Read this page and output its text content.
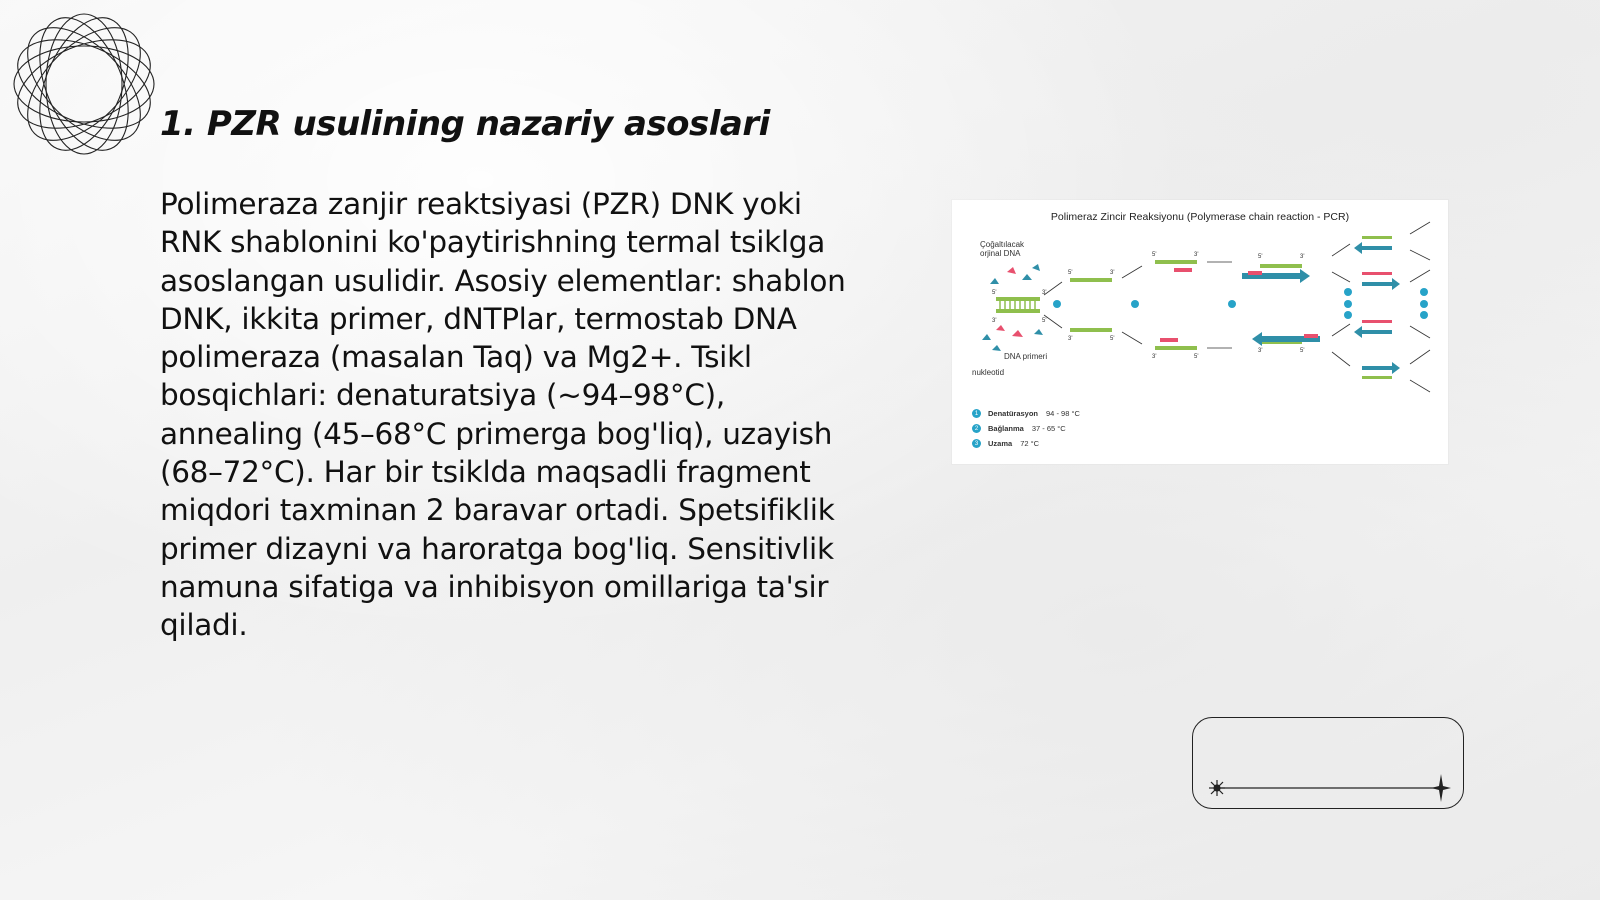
1. PZR usulining nazariy asoslari

Polimeraza zanjir reaktsiyasi (PZR) DNK yoki RNK shablonini ko'paytirishning termal tsiklga asoslangan usulidir. Asosiy elementlar: shablon DNK, ikkita primer, dNTPlar, termostab DNA polimeraza (masalan Taq) va Mg2+. Tsikl bosqichlari: denaturatsiya (~94–98°C), annealing (45–68°C primerga bog'liq), uzayish (68–72°C). Har bir tsiklda maqsadli fragment miqdori taxminan 2 baravar ortadi. Spetsifiklik primer dizayni va haroratga bog'liq. Sensitivlik namuna sifatiga va inhibisyon omillariga ta'sir qiladi.

Polimeraz Zincir Reaksiyonu (Polymerase chain reaction - PCR)
Çoğaltılacak
orjinal DNA
DNA primeri
nukleotid
5'	3'
3'	5'
5'	3'
3'	5'
5'	3'
3'	5'
5'	3'
3'	5'
1	Denatürasyon 94 - 98 °C
2	Bağlanma 37 - 65 °C
3	Uzama 72 °C
